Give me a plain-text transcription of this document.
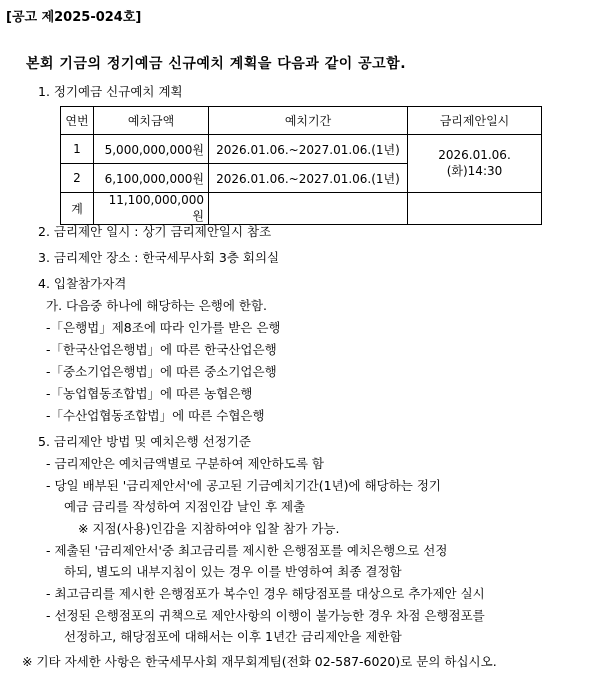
[공고 제2025-024호]
본회 기금의 정기예금 신규예치 계획을 다음과 같이 공고함.
1. 정기예금 신규예치 계획
연번	예치금액	예치기간	금리제안일시
1	5,000,000,000원	2026.01.06.~2027.01.06.(1년)	2026.01.06.(화)14:30
2	6,100,000,000원	2026.01.06.~2027.01.06.(1년)	
계	11,100,000,000원		
2. 금리제안 일시 : 상기 금리제안일시 참조
3. 금리제안 장소 : 한국세무사회 3층 회의실
4. 입찰참가자격
가. 다음중 하나에 해당하는 은행에 한함.
-「은행법」제8조에 따라 인가를 받은 은행
-「한국산업은행법」에 따른 한국산업은행
-「중소기업은행법」에 따른 중소기업은행
-「농업협동조합법」에 따른 농협은행
-「수산업협동조합법」에 따른 수협은행
5. 금리제안 방법 및 예치은행 선정기준
- 금리제안은 예치금액별로 구분하여 제안하도록 함
- 당일 배부된 '금리제안서'에 공고된 기금예치기간(1년)에 해당하는 정기
예금 금리를 작성하여 지점인감 날인 후 제출
※ 지점(사용)인감을 지참하여야 입찰 참가 가능.
- 제출된 '금리제안서'중 최고금리를 제시한 은행점포를 예치은행으로 선정
하되, 별도의 내부지침이 있는 경우 이를 반영하여 최종 결정함
- 최고금리를 제시한 은행점포가 복수인 경우 해당점포를 대상으로 추가제안 실시
- 선정된 은행점포의 귀책으로 제안사항의 이행이 불가능한 경우 차점 은행점포를
선정하고, 해당점포에 대해서는 이후 1년간 금리제안을 제한함
※ 기타 자세한 사항은 한국세무사회 재무회계팀(전화 02-587-6020)로 문의 하십시오.
